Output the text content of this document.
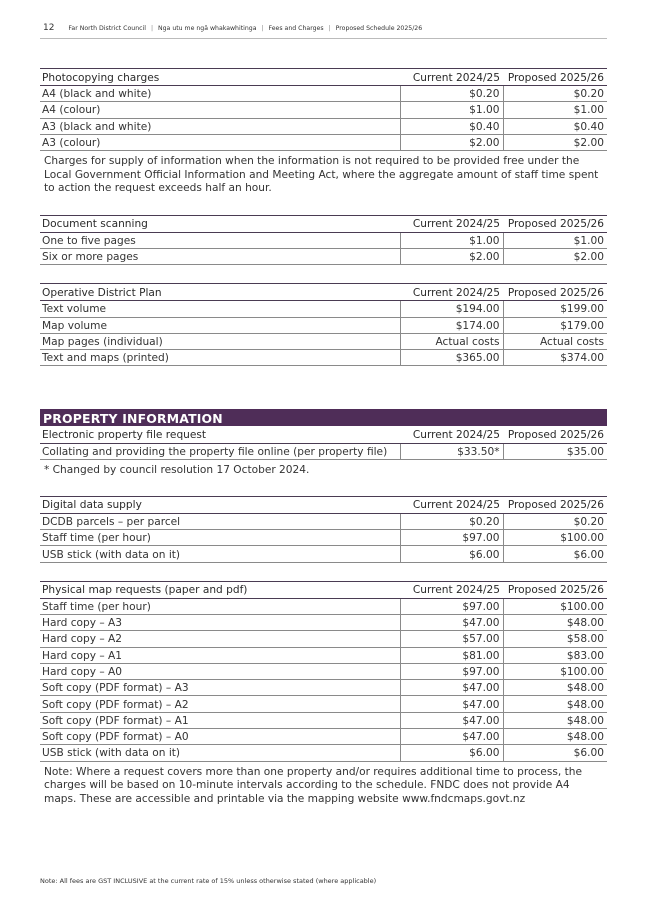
12 Far North District Council | Nga utu me ngā whakawhitinga | Fees and Charges | Proposed Schedule 2025/26
Photocopying charges	Current 2024/25	Proposed 2025/26
A4 (black and white)	$0.20	$0.20
A4 (colour)	$1.00	$1.00
A3 (black and white)	$0.40	$0.40
A3 (colour)	$2.00	$2.00

Charges for supply of information when the information is not required to be provided free under the Local Government Official Information and Meeting Act, where the aggregate amount of staff time spent to action the request exceeds half an hour.

Document scanning	Current 2024/25	Proposed 2025/26
One to five pages	$1.00	$1.00
Six or more pages	$2.00	$2.00
Operative District Plan	Current 2024/25	Proposed 2025/26
Text volume	$194.00	$199.00
Map volume	$174.00	$179.00
Map pages (individual)	Actual costs	Actual costs
Text and maps (printed)	$365.00	$374.00
PROPERTY INFORMATION
Electronic property file request	Current 2024/25	Proposed 2025/26
Collating and providing the property file online (per property file)	$33.50*	$35.00

* Changed by council resolution 17 October 2024.

Digital data supply	Current 2024/25	Proposed 2025/26
DCDB parcels – per parcel	$0.20	$0.20
Staff time (per hour)	$97.00	$100.00
USB stick (with data on it)	$6.00	$6.00
Physical map requests (paper and pdf)	Current 2024/25	Proposed 2025/26
Staff time (per hour)	$97.00	$100.00
Hard copy – A3	$47.00	$48.00
Hard copy – A2	$57.00	$58.00
Hard copy – A1	$81.00	$83.00
Hard copy – A0	$97.00	$100.00
Soft copy (PDF format) – A3	$47.00	$48.00
Soft copy (PDF format) – A2	$47.00	$48.00
Soft copy (PDF format) – A1	$47.00	$48.00
Soft copy (PDF format) – A0	$47.00	$48.00
USB stick (with data on it)	$6.00	$6.00

Note: Where a request covers more than one property and/or requires additional time to process, the charges will be based on 10-minute intervals according to the schedule. FNDC does not provide A4 maps. These are accessible and printable via the mapping website www.fndcmaps.govt.nz

Note: All fees are GST INCLUSIVE at the current rate of 15% unless otherwise stated (where applicable)
